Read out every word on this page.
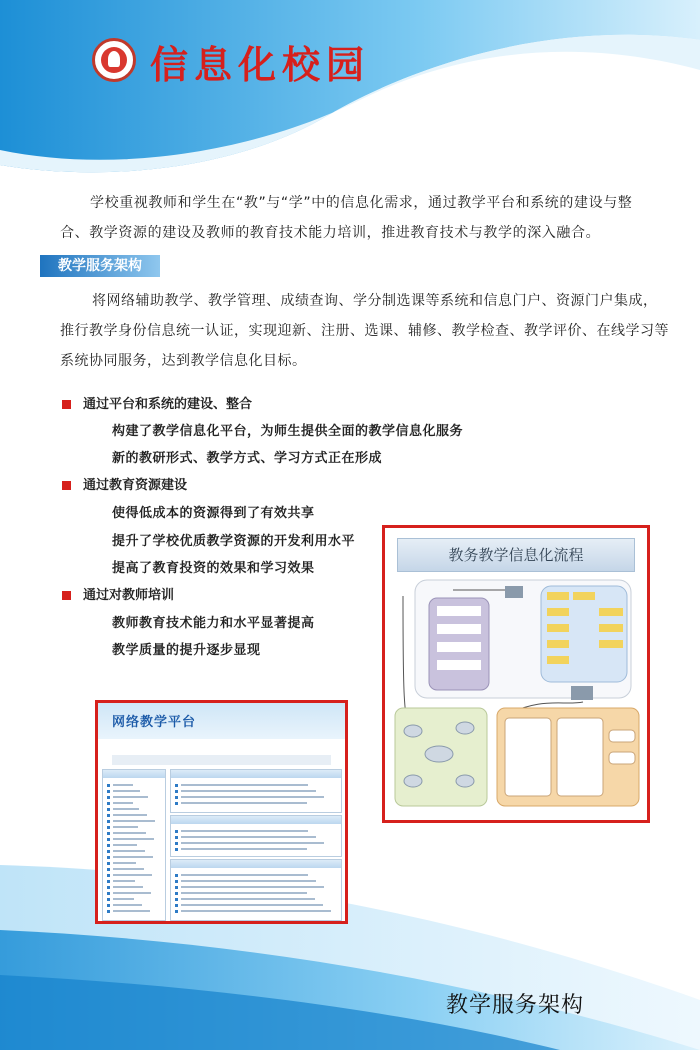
信息化校园
学校重视教师和学生在“教”与“学”中的信息化需求，通过教学平台和系统的建设与整合、教学资源的建设及教师的教育技术能力培训，推进教育技术与教学的深入融合。
教学服务架构
将网络辅助教学、教学管理、成绩查询、学分制选课等系统和信息门户、资源门户集成，
推行教学身份信息统一认证，实现迎新、注册、选课、辅修、教学检查、教学评价、在线学习等
系统协同服务，达到教学信息化目标。
通过平台和系统的建设、整合
构建了教学信息化平台，为师生提供全面的教学信息化服务
新的教研形式、教学方式、学习方式正在形成
通过教育资源建设
使得低成本的资源得到了有效共享
提升了学校优质教学资源的开发利用水平
提高了教育投资的效果和学习效果
通过对教师培训
教师教育技术能力和水平显著提高
教学质量的提升逐步显现
教务教学信息化流程
网络教学平台
教学服务架构
